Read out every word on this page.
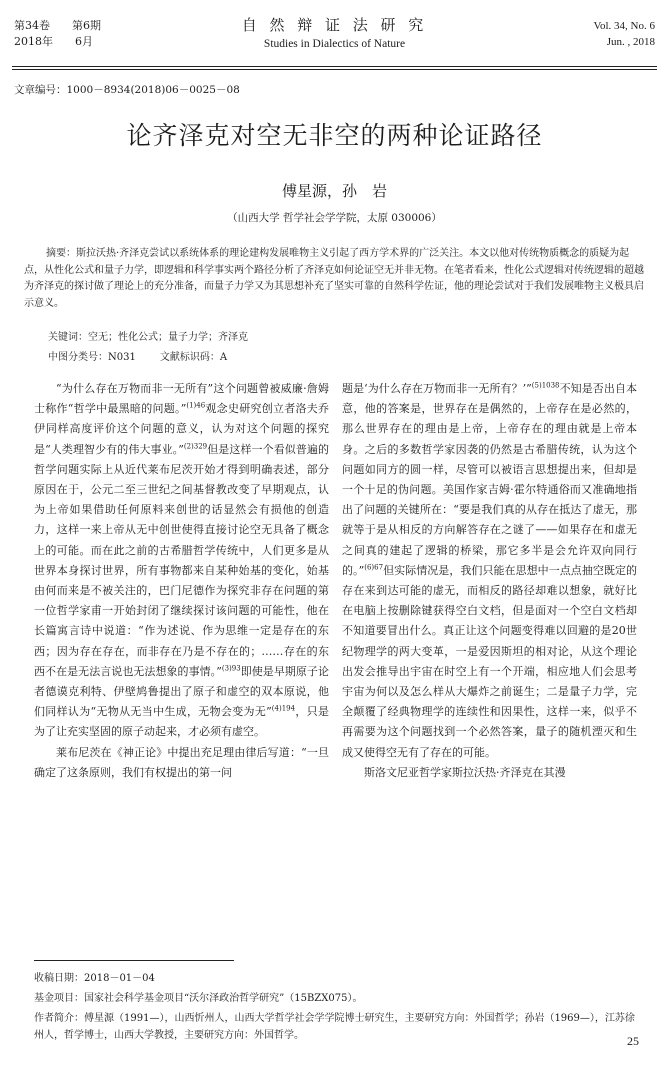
第34卷　　第6期
2018年　　6月
自 然 辩 证 法 研 究
Studies in Dialectics of Nature
Vol. 34, No. 6
Jun. , 2018
文章编号：1000－8934(2018)06－0025－08
论齐泽克对空无非空的两种论证路径
傅星源，孙　岩
（山西大学 哲学社会学学院，太原 030006）

摘要：斯拉沃热·齐泽克尝试以系统体系的理论建构发展唯物主义引起了西方学术界的广泛关注。本文以他对传统物质概念的质疑为起点，从性化公式和量子力学，即逻辑和科学事实两个路径分析了齐泽克如何论证空无并非无物。在笔者看来，性化公式逻辑对传统逻辑的超越为齐泽克的探讨做了理论上的充分准备，而量子力学又为其思想补充了坚实可靠的自然科学佐证，他的理论尝试对于我们发展唯物主义极具启示意义。

关键词：空无；性化公式；量子力学；齐泽克
中图分类号：N031 文献标识码：A

“为什么存在万物而非一无所有”这个问题曾被威廉·詹姆士称作“哲学中最黑暗的问题。”$^{(1)46}$观念史研究创立者洛夫乔伊同样高度评价这个问题的意义，认为对这个问题的探究是“人类理智少有的伟大事业。”$^{(2)329}$但是这样一个看似普遍的哲学问题实际上从近代莱布尼茨开始才得到明确表述，部分原因在于，公元二至三世纪之间基督教改变了早期观点，认为上帝如果借助任何原料来创世的话显然会有损他的创造力，这样一来上帝从无中创世使得直接讨论空无具备了概念上的可能。而在此之前的古希腊哲学传统中，人们更多是从世界本身探讨世界，所有事物都来自某种始基的变化，始基由何而来是不被关注的，巴门尼德作为探究非存在问题的第一位哲学家甫一开始封闭了继续探讨该问题的可能性，他在长篇寓言诗中说道：“作为述说、作为思维一定是存在的东西；因为存在存在，而非存在乃是不存在的；……存在的东西不在是无法言说也无法想象的事情。”$^{(3)93}$即使是早期原子论者德谟克利特、伊壁鸠鲁提出了原子和虚空的双本原说，他们同样认为“无物从无当中生成，无物会变为无”$^{(4)194}$，只是为了让充实坚固的原子动起来，才必须有虚空。

莱布尼茨在《神正论》中提出充足理由律后写道：“一旦确定了这条原则，我们有权提出的第一问

题是‘为什么存在万物而非一无所有？’”$^{(5)1038}$不知是否出自本意，他的答案是，世界存在是偶然的，上帝存在是必然的，那么世界存在的理由是上帝，上帝存在的理由就是上帝本身。之后的多数哲学家因袭的仍然是古希腊传统，认为这个问题如同方的圆一样，尽管可以被语言思想提出来，但却是一个十足的伪问题。美国作家吉姆·霍尔特通俗而又准确地指出了问题的关键所在：“要是我们真的从存在抵达了虚无，那就等于是从相反的方向解答存在之谜了——如果存在和虚无之间真的建起了逻辑的桥梁，那它多半是会允许双向同行的。”$^{(6)67}$但实际情况是，我们只能在思想中一点点抽空既定的存在来到达可能的虚无，而相反的路径却难以想象，就好比在电脑上按删除键获得空白文档，但是面对一个空白文档却不知道要冒出什么。真正让这个问题变得难以回避的是20世纪物理学的两大变革，一是爱因斯坦的相对论，从这个理论出发会推导出宇宙在时空上有一个开端，相应地人们会思考宇宙为何以及怎么样从大爆炸之前诞生；二是量子力学，完全颠覆了经典物理学的连续性和因果性，这样一来，似乎不再需要为这个问题找到一个必然答案，量子的随机湮灭和生成又使得空无有了存在的可能。

斯洛文尼亚哲学家斯拉沃热·齐泽克在其漫

收稿日期：2018－01－04
基金项目：国家社会科学基金项目“沃尔泽政治哲学研究”（15BZX075）。
作者简介：傅星源（1991—），山西忻州人，山西大学哲学社会学学院博士研究生，主要研究方向：外国哲学；孙岩（1969—），江苏徐州人，哲学博士，山西大学教授，主要研究方向：外国哲学。	25
